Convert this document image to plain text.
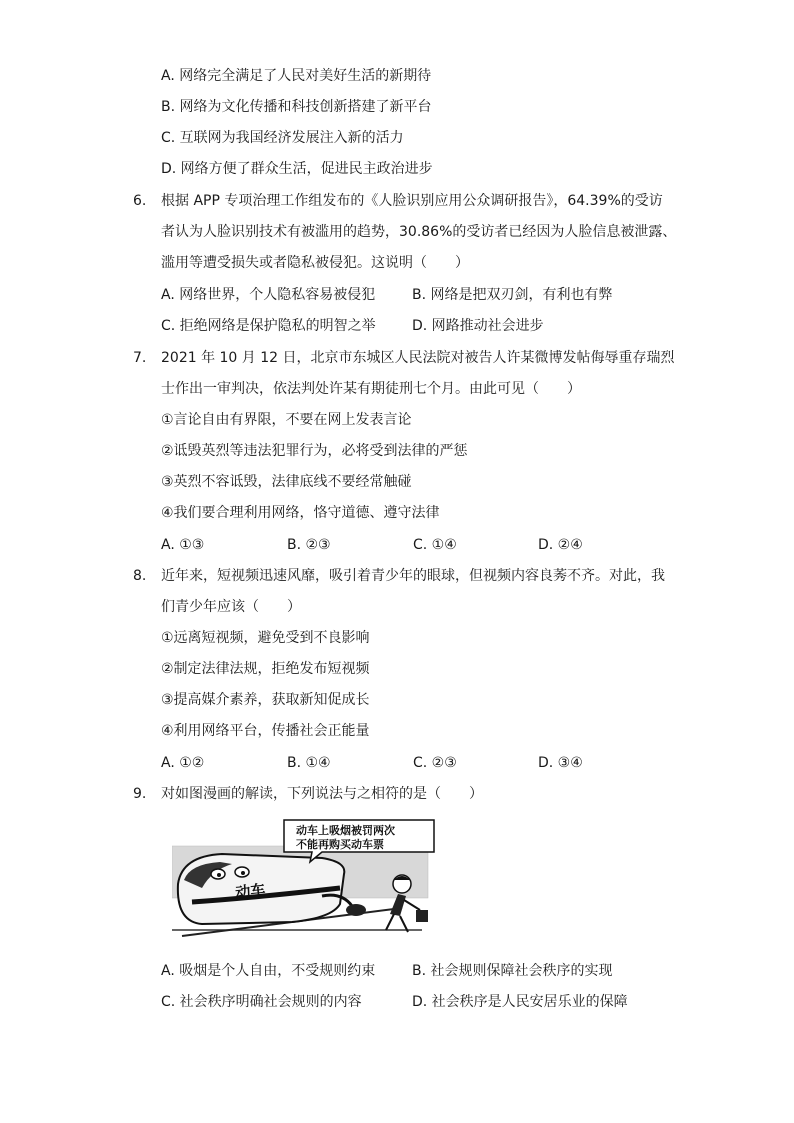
A. 网络完全满足了人民对美好生活的新期待
B. 网络为文化传播和科技创新搭建了新平台
C. 互联网为我国经济发展注入新的活力
D. 网络方便了群众生活，促进民主政治进步
6. 根据 APP 专项治理工作组发布的《人脸识别应用公众调研报告》，64.39%的受访
者认为人脸识别技术有被滥用的趋势，30.86%的受访者已经因为人脸信息被泄露、
滥用等遭受损失或者隐私被侵犯。这说明（　　）
A. 网络世界，个人隐私容易被侵犯	B. 网络是把双刃剑，有利也有弊
C. 拒绝网络是保护隐私的明智之举	D. 网路推动社会进步
7. 2021 年 10 月 12 日，北京市东城区人民法院对被告人许某微博发帖侮辱重存瑞烈
士作出一审判决，依法判处许某有期徒刑七个月。由此可见（　　）
①言论自由有界限，不要在网上发表言论
②诋毁英烈等违法犯罪行为，必将受到法律的严惩
③英烈不容诋毁，法律底线不要经常触碰
④我们要合理利用网络，恪守道德、遵守法律
A. ①③	B. ②③	C. ①④	D. ②④
8. 近年来，短视频迅速风靡，吸引着青少年的眼球，但视频内容良莠不齐。对此，我
们青少年应该（　　）
①远离短视频，避免受到不良影响
②制定法律法规，拒绝发布短视频
③提高媒介素养，获取新知促成长
④利用网络平台，传播社会正能量
A. ①②	B. ①④	C. ②③	D. ③④
9. 对如图漫画的解读，下列说法与之相符的是（　　）
动车上吸烟被罚两次
不能再购买动车票
动车
A. 吸烟是个人自由，不受规则约束	B. 社会规则保障社会秩序的实现
C. 社会秩序明确社会规则的内容	D. 社会秩序是人民安居乐业的保障
